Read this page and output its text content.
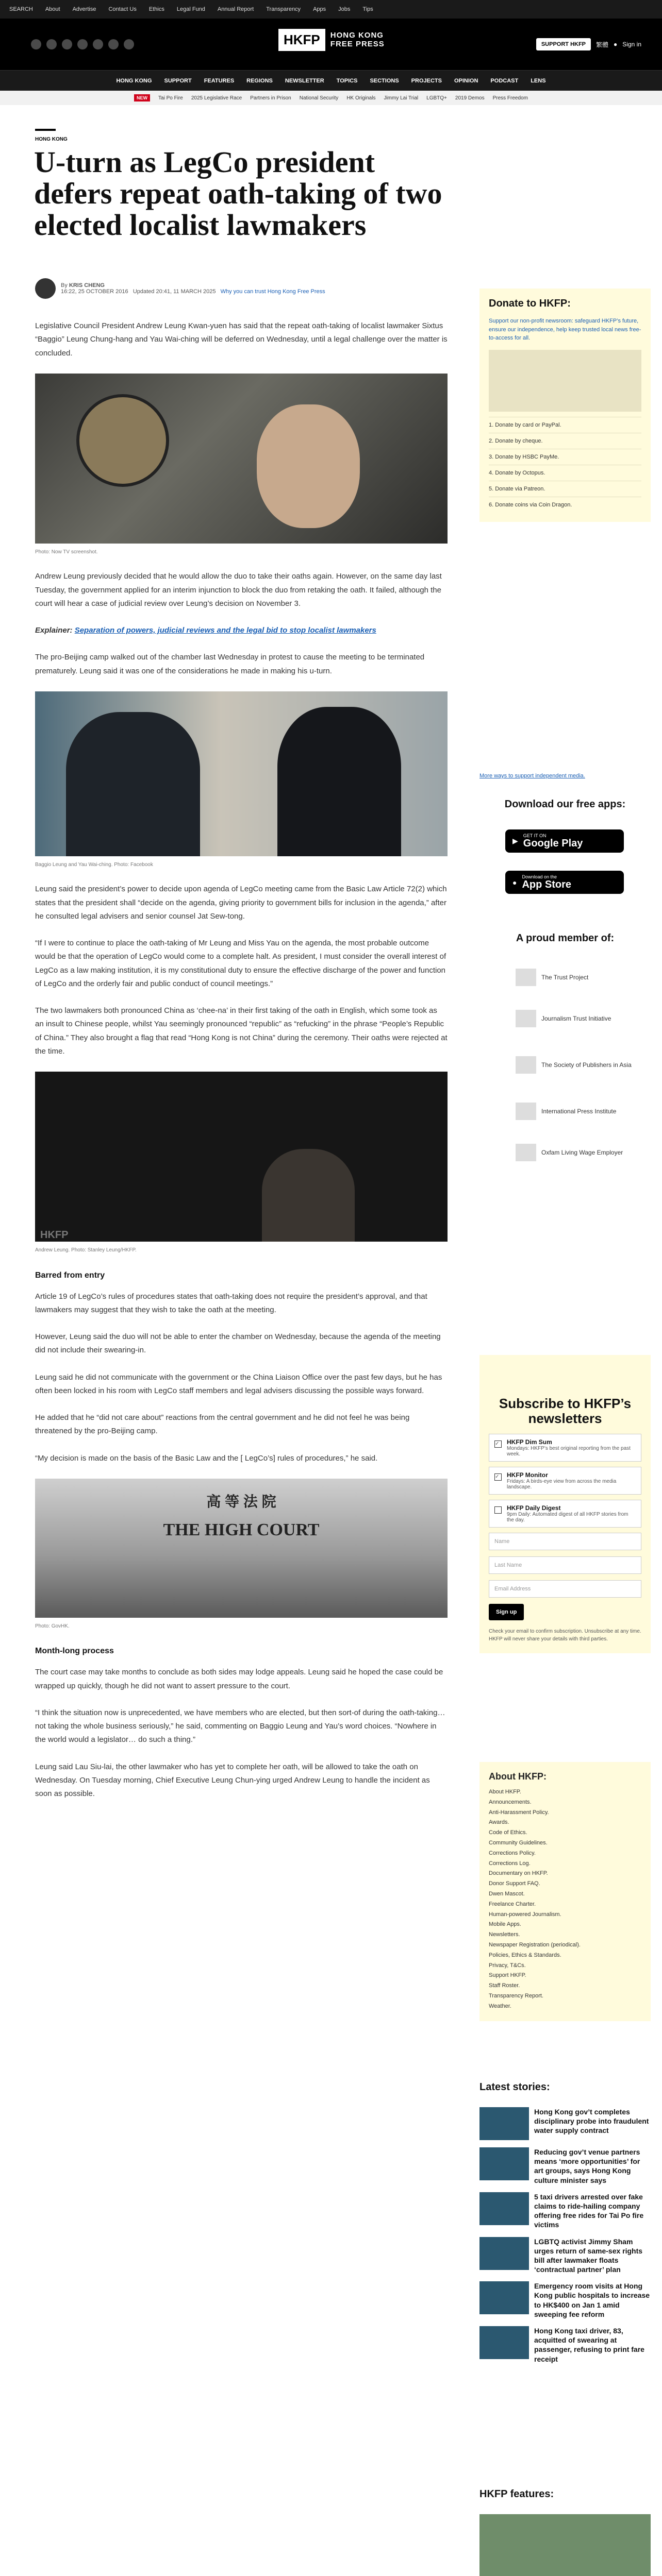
SEARCH	About	Advertise	Contact Us	Ethics	Legal Fund	Annual Report	Transparency	Apps	Jobs	Tips
HKFP	HONG KONG
FREE PRESS	SUPPORT HKFP	繁體 ● Sign in
HONG KONG SUPPORT FEATURES REGIONS NEWSLETTER TOPICS SECTIONS PROJECTS OPINION PODCAST LENS
NEW	Tai Po Fire 2025 Legislative Race Partners in Prison National Security HK Originals Jimmy Lai Trial LGBTQ+ 2019 Demos Press Freedom
HONG KONG
U-turn as LegCo president defers repeat oath-taking of two elected localist lawmakers
By KRIS CHENG
16:22, 25 OCTOBER 2016 Updated 20:41, 11 MARCH 2025 Why you can trust Hong Kong Free Press

Legislative Council President Andrew Leung Kwan-yuen has said that the repeat oath-taking of localist lawmaker Sixtus “Baggio” Leung Chung-hang and Yau Wai-ching will be deferred on Wednesday, until a legal challenge over the matter is concluded.

Photo: Now TV screenshot.

Andrew Leung previously decided that he would allow the duo to take their oaths again. However, on the same day last Tuesday, the government applied for an interim injunction to block the duo from retaking the oath. It failed, although the court will hear a case of judicial review over Leung’s decision on November 3.

Explainer: Separation of powers, judicial reviews and the legal bid to stop localist lawmakers

The pro-Beijing camp walked out of the chamber last Wednesday in protest to cause the meeting to be terminated prematurely. Leung said it was one of the considerations he made in making his u-turn.

Baggio Leung and Yau Wai-ching. Photo: Facebook

Leung said the president’s power to decide upon agenda of LegCo meeting came from the Basic Law Article 72(2) which states that the president shall “decide on the agenda, giving priority to government bills for inclusion in the agenda,” after he consulted legal advisers and senior counsel Jat Sew-tong.

“If I were to continue to place the oath-taking of Mr Leung and Miss Yau on the agenda, the most probable outcome would be that the operation of LegCo would come to a complete halt. As president, I must consider the overall interest of LegCo as a law making institution, it is my constitutional duty to ensure the effective discharge of the power and function of LegCo and the orderly fair and public conduct of council meetings.”

The two lawmakers both pronounced China as ‘chee-na’ in their first taking of the oath in English, which some took as an insult to Chinese people, whilst Yau seemingly pronounced “republic” as “refucking” in the phrase “People’s Republic of China.” They also brought a flag that read “Hong Kong is not China” during the ceremony. Their oaths were rejected at the time.

HKFP
Andrew Leung. Photo: Stanley Leung/HKFP.
Barred from entry

Article 19 of LegCo’s rules of procedures states that oath-taking does not require the president’s approval, and that lawmakers may suggest that they wish to take the oath at the meeting.

However, Leung said the duo will not be able to enter the chamber on Wednesday, because the agenda of the meeting did not include their swearing-in.

Leung said he did not communicate with the government or the China Liaison Office over the past few days, but he has often been locked in his room with LegCo staff members and legal advisers discussing the possible ways forward.

He added that he “did not care about” reactions from the central government and he did not feel he was being threatened by the pro-Beijing camp.

“My decision is made on the basis of the Basic Law and the [ LegCo’s] rules of procedures,” he said.

高 等 法 院
THE HIGH COURT
Photo: GovHK.
Month-long process

The court case may take months to conclude as both sides may lodge appeals. Leung said he hoped the case could be wrapped up quickly, though he did not want to assert pressure to the court.

“I think the situation now is unprecedented, we have members who are elected, but then sort-of during the oath-taking… not taking the whole business seriously,” he said, commenting on Baggio Leung and Yau’s word choices. “Nowhere in the world would a legislator… do such a thing.”

Leung said Lau Siu-lai, the other lawmaker who has yet to complete her oath, will be allowed to take the oath on Wednesday. On Tuesday morning, Chief Executive Leung Chun-ying urged Andrew Leung to handle the incident as soon as possible.

Donate to HKFP:

Support our non-profit newsroom: safeguard HKFP’s future, ensure our independence, help keep trusted local news free-to-access for all.

1. Donate by card or PayPal.
2. Donate by cheque.
3. Donate by HSBC PayMe.
4. Donate by Octopus.
5. Donate via Patreon.
6. Donate coins via Coin Dragon.
More ways to support independent media.
Download our free apps:
▶
GET IT ON
Google Play
●
Download on the
App Store
A proud member of:
The Trust Project
Journalism Trust Initiative
The Society of Publishers in Asia
International Press Institute
Oxfam Living Wage Employer
Subscribe to HKFP’s newsletters
✓	HKFP Dim Sum
Mondays: HKFP’s best original reporting from the past week.
✓	HKFP Monitor
Fridays: A birds-eye view from across the media landscape.
HKFP Daily Digest
9pm Daily: Automated digest of all HKFP stories from the day.
Name
Last Name
Email Address
Sign up

Check your email to confirm subscription. Unsubscribe at any time. HKFP will never share your details with third parties.

About HKFP:
About HKFP.
Announcements.
Anti-Harassment Policy.
Awards.
Code of Ethics.
Community Guidelines.
Corrections Policy.
Corrections Log.
Documentary on HKFP.
Donor Support FAQ.
Dwen Mascot.
Freelance Charter.
Human-powered Journalism.
Mobile Apps.
Newsletters.
Newspaper Registration (periodical).
Policies, Ethics & Standards.
Privacy, T&Cs.
Support HKFP.
Staff Roster.
Transparency Report.
Weather.
Latest stories:
Hong Kong gov’t completes disciplinary probe into fraudulent water supply contract
Reducing gov’t venue partners means ‘more opportunities’ for art groups, says Hong Kong culture minister says
5 taxi drivers arrested over fake claims to ride-hailing company offering free rides for Tai Po fire victims
LGBTQ activist Jimmy Sham urges return of same-sex rights bill after lawmaker floats ‘contractual partner’ plan
Emergency room visits at Hong Kong public hospitals to increase to HK$400 on Jan 1 amid sweeping fee reform
Hong Kong taxi driver, 83, acquitted of swearing at passenger, refusing to print fare receipt
HKFP features:
